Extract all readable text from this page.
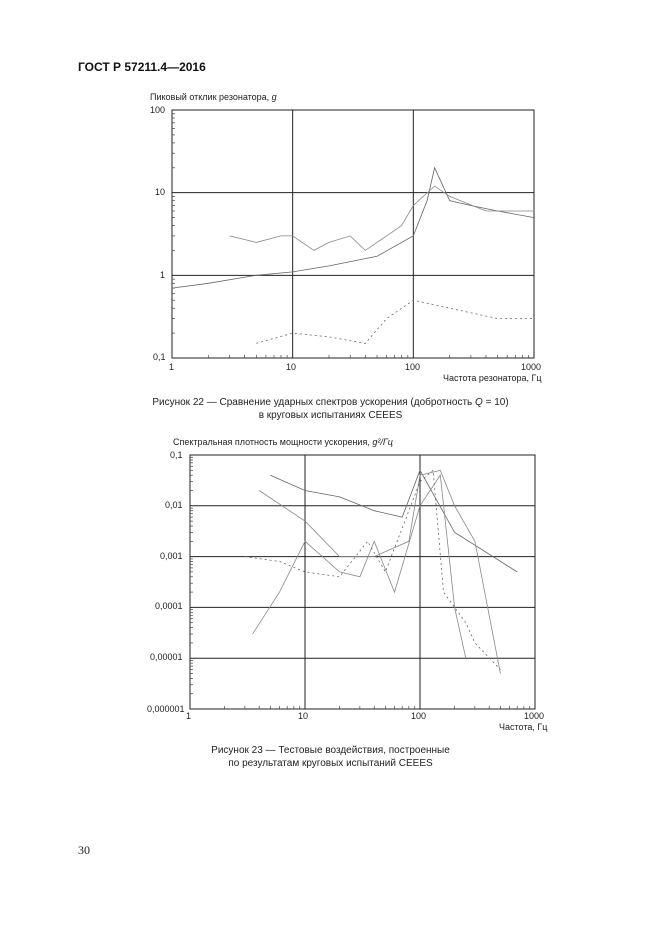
ГОСТ Р 57211.4—2016
Пиковый отклик резонатора, g
100
10
1
0,1
1	10	100	1000
Частота резонатора, Гц
Рисунок 22 — Сравнение ударных спектров ускорения (добротность Q = 10)
в круговых испытаниях CEEES
Спектральная плотность мощности ускорения, g²/Гц
0,1
0,01
0,001
0,0001
0,00001
0,000001
1	10	100	1000
Частота, Гц
Рисунок 23 — Тестовые воздействия, построенные
по результатам круговых испытаний CEEES
30
